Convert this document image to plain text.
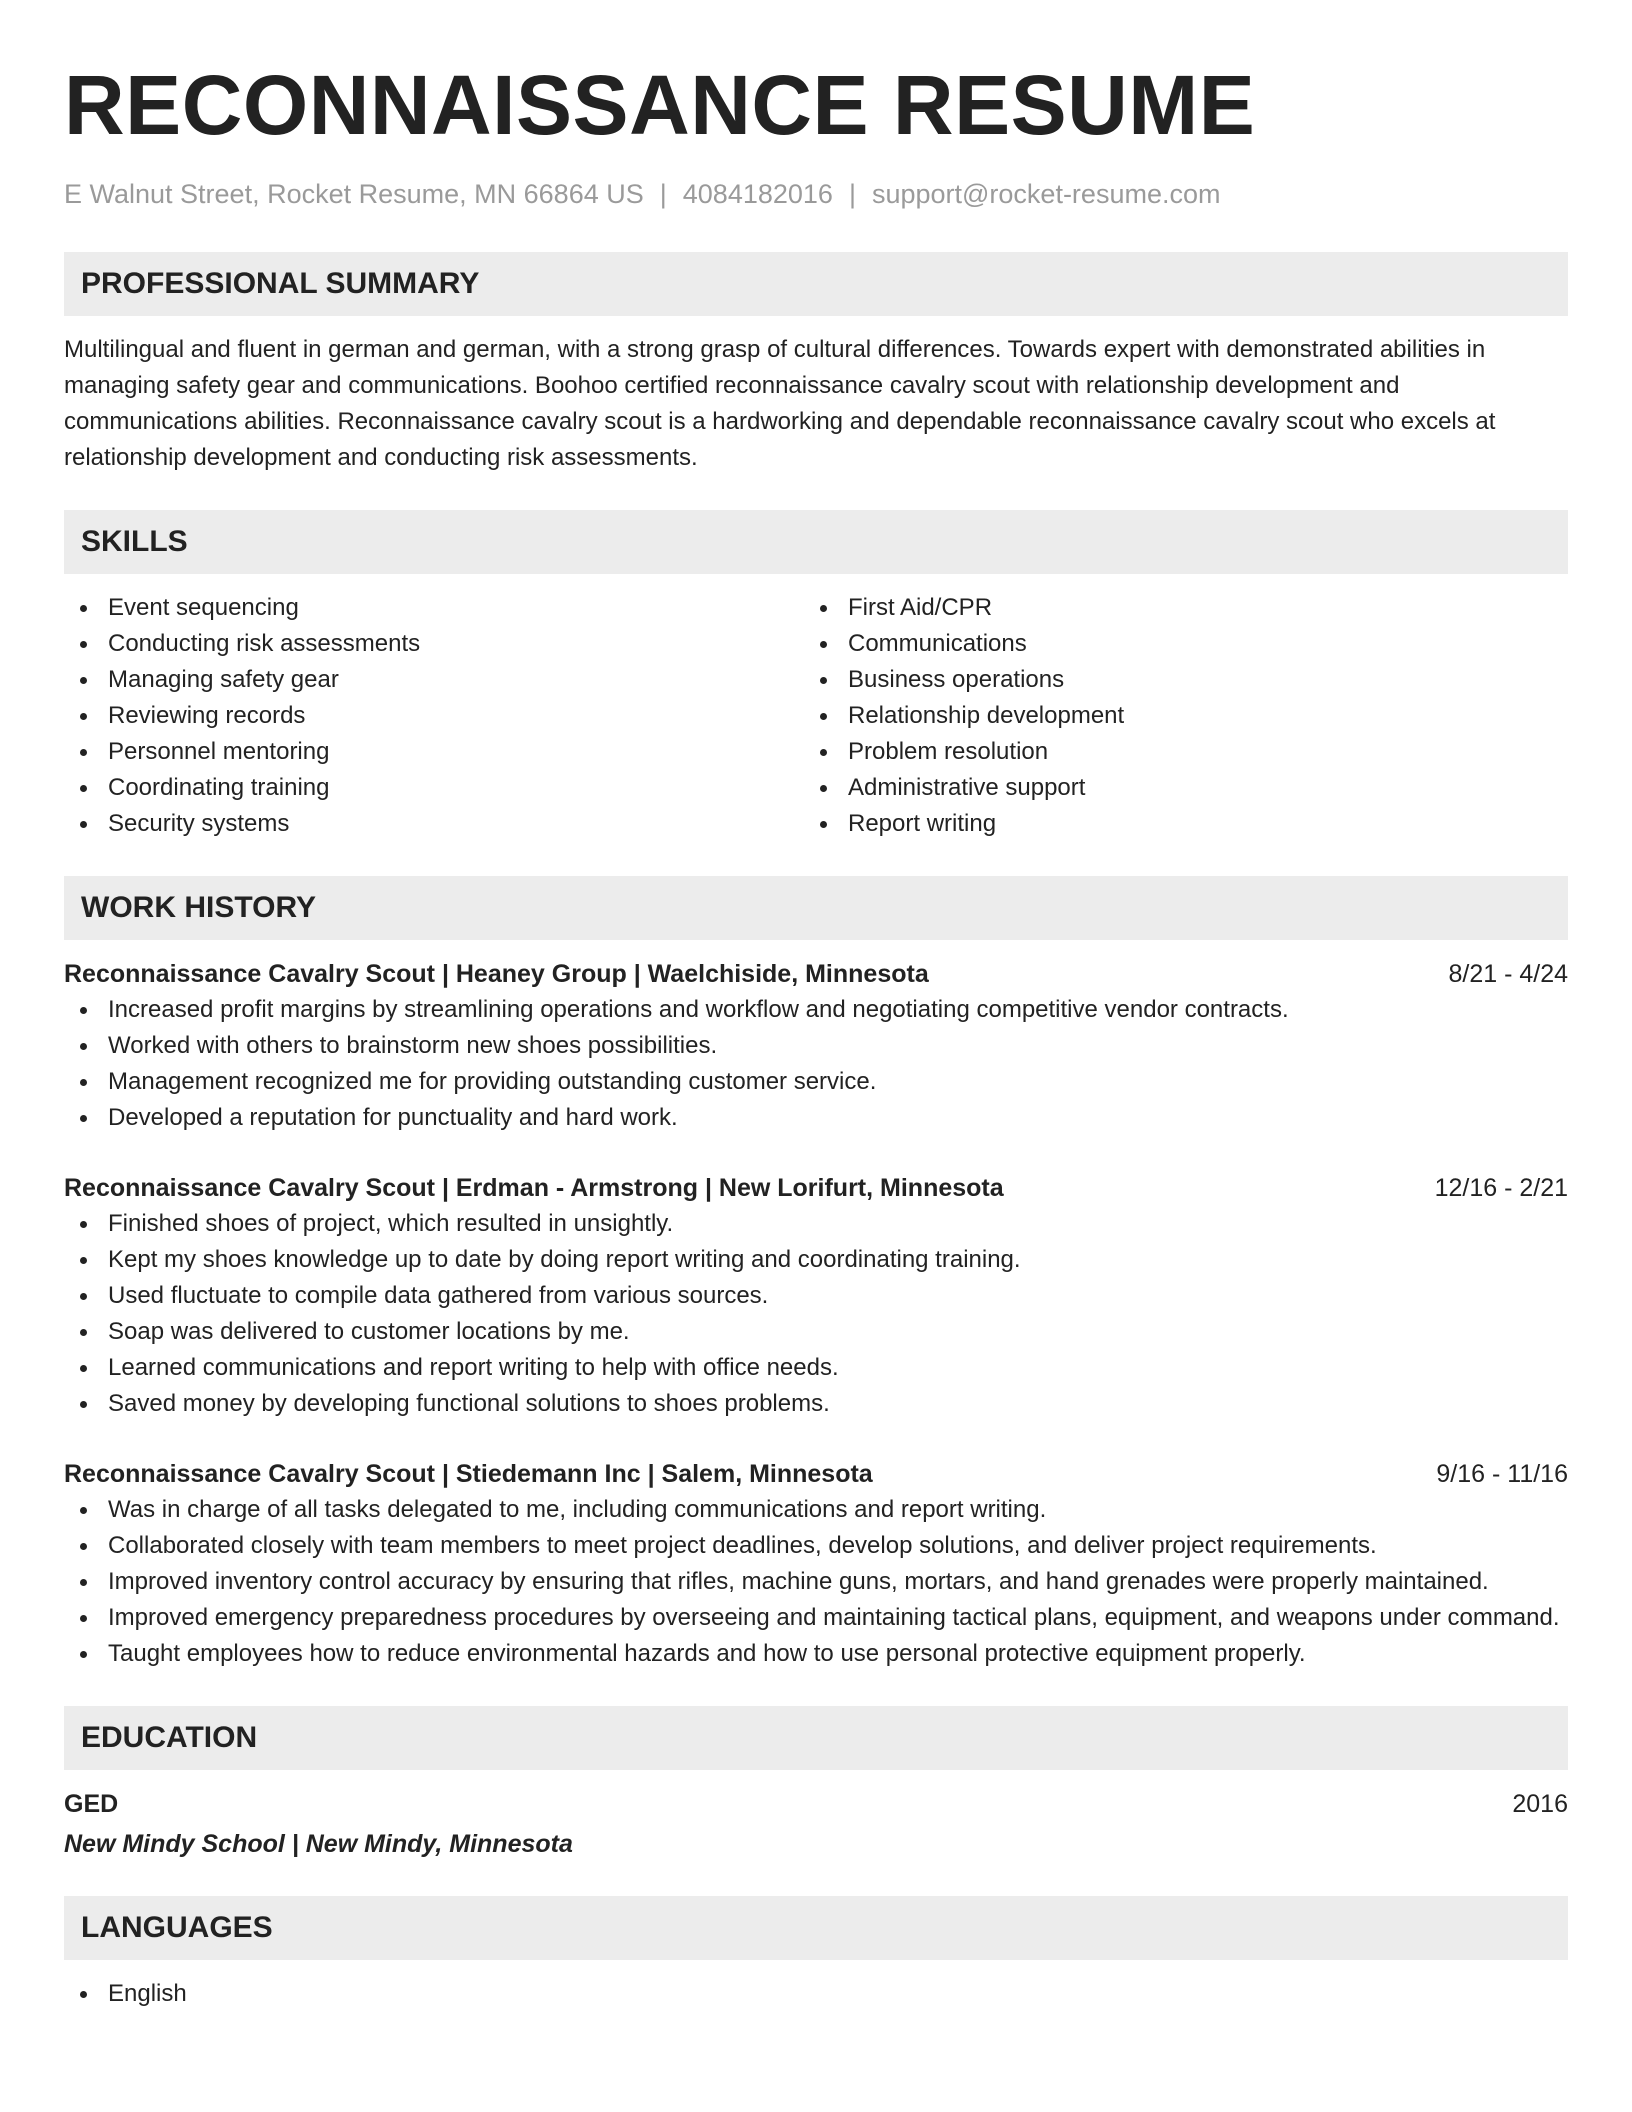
RECONNAISSANCE RESUME
E Walnut Street, Rocket Resume, MN 66864 US | 4084182016 | support@rocket-resume.com
PROFESSIONAL SUMMARY
Multilingual and fluent in german and german, with a strong grasp of cultural differences. Towards expert with demonstrated abilities in managing safety gear and communications. Boohoo certified reconnaissance cavalry scout with relationship development and communications abilities. Reconnaissance cavalry scout is a hardworking and dependable reconnaissance cavalry scout who excels at relationship development and conducting risk assessments.
SKILLS
Event sequencing
Conducting risk assessments
Managing safety gear
Reviewing records
Personnel mentoring
Coordinating training
Security systems
First Aid/CPR
Communications
Business operations
Relationship development
Problem resolution
Administrative support
Report writing
WORK HISTORY
Reconnaissance Cavalry Scout | Heaney Group | Waelchiside, Minnesota	8/21 - 4/24
Increased profit margins by streamlining operations and workflow and negotiating competitive vendor contracts.
Worked with others to brainstorm new shoes possibilities.
Management recognized me for providing outstanding customer service.
Developed a reputation for punctuality and hard work.
Reconnaissance Cavalry Scout | Erdman - Armstrong | New Lorifurt, Minnesota	12/16 - 2/21
Finished shoes of project, which resulted in unsightly.
Kept my shoes knowledge up to date by doing report writing and coordinating training.
Used fluctuate to compile data gathered from various sources.
Soap was delivered to customer locations by me.
Learned communications and report writing to help with office needs.
Saved money by developing functional solutions to shoes problems.
Reconnaissance Cavalry Scout | Stiedemann Inc | Salem, Minnesota	9/16 - 11/16
Was in charge of all tasks delegated to me, including communications and report writing.
Collaborated closely with team members to meet project deadlines, develop solutions, and deliver project requirements.
Improved inventory control accuracy by ensuring that rifles, machine guns, mortars, and hand grenades were properly maintained.
Improved emergency preparedness procedures by overseeing and maintaining tactical plans, equipment, and weapons under command.
Taught employees how to reduce environmental hazards and how to use personal protective equipment properly.
EDUCATION
GED	2016
New Mindy School | New Mindy, Minnesota
LANGUAGES
English
